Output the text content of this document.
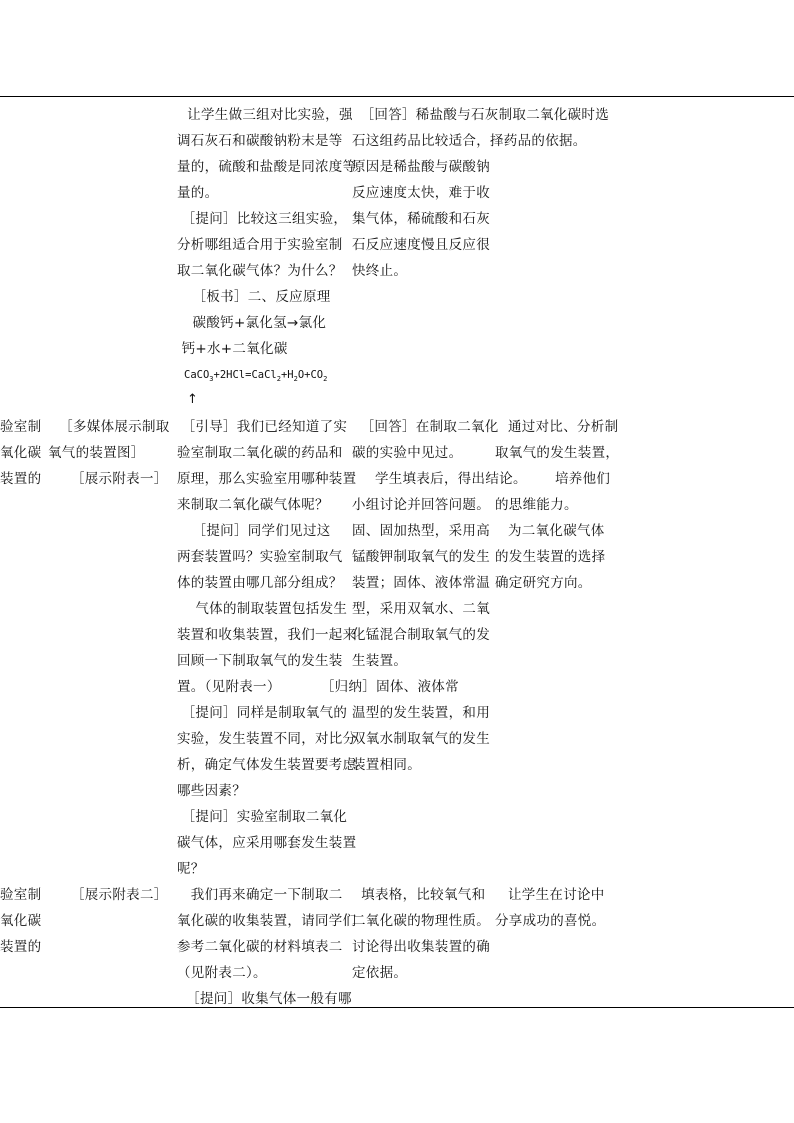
让学生做三组对比实验，强
调石灰石和碳酸钠粉末是等
量的，硫酸和盐酸是同浓度等
量的。
［提问］比较这三组实验，
分析哪组适合用于实验室制
取二氧化碳气体？为什么？
［板书］二、反应原理
碳酸钙+氯化氢→氯化
钙+水+二氧化碳
$CaCO_3+2HCl=CaCl_2+H_2O+CO_2$
↑
［回答］稀盐酸与石灰制取二氧化碳时选
石这组药品比较适合，择药品的依据。
原因是稀盐酸与碳酸钠
反应速度太快，难于收
集气体，稀硫酸和石灰
石反应速度慢且反应很
快终止。
验室制
氧化碳
装置的
［多媒体展示制取
氧气的装置图］
［展示附表一］
［引导］我们已经知道了实
验室制取二氧化碳的药品和
原理，那么实验室用哪种装置
来制取二氧化碳气体呢？
［提问］同学们见过这
两套装置吗？实验室制取气
体的装置由哪几部分组成？
气体的制取装置包括发生
装置和收集装置，我们一起来
回顾一下制取氧气的发生装
置。（见附表一）
［提问］同样是制取氧气的
实验，发生装置不同，对比分
析，确定气体发生装置要考虑
哪些因素？
［提问］实验室制取二氧化
碳气体，应采用哪套发生装置
呢？
［回答］在制取二氧化
碳的实验中见过。
学生填表后，得出结论。
小组讨论并回答问题。
固、固加热型，采用高
锰酸钾制取氧气的发生
装置；固体、液体常温
型，采用双氧水、二氧
化锰混合制取氧气的发
生装置。
［归纳］固体、液体常
温型的发生装置，和用
双氧水制取氧气的发生
装置相同。
通过对比、分析制
取氧气的发生装置，
培养他们
的思维能力。
为二氧化碳气体
的发生装置的选择
确定研究方向。
验室制
氧化碳
装置的
［展示附表二］ 我们再来确定一下制取二
氧化碳的收集装置，请同学们
参考二氧化碳的材料填表二
（见附表二）。
［提问］收集气体一般有哪
填表格，比较氧气和
二氧化碳的物理性质。
讨论得出收集装置的确
定依据。
让学生在讨论中
分享成功的喜悦。
